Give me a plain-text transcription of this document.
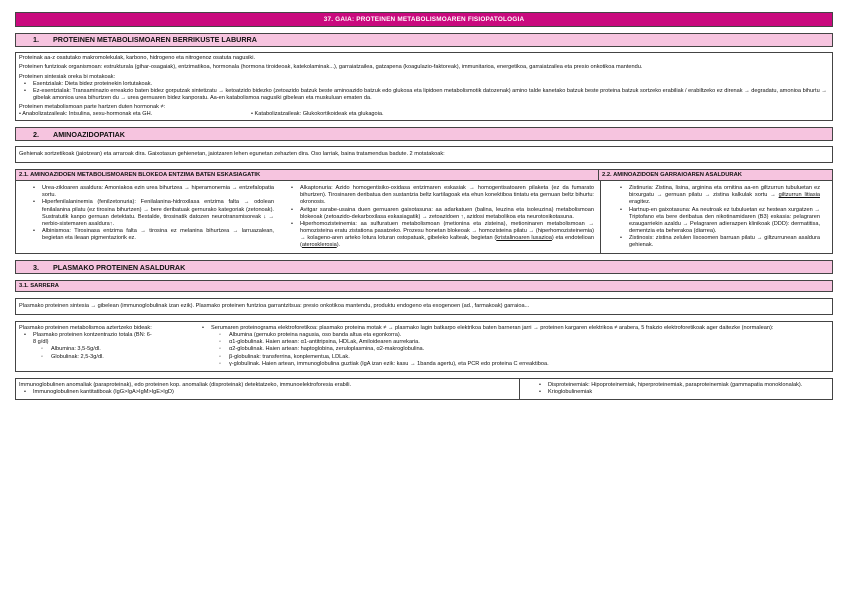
37. GAIA: PROTEINEN METABOLISMOAREN FISIOPATOLOGIA
1.	PROTEINEN METABOLISMOAREN BERRIKUSTE LABURRA

Proteinak aa-z osatutako makromolekulak, karbono, hidrogeno eta nitrogenoz osatuta nagusiki.

Proteinen funtzioak organismoan: estrukturala (gihar-osagaiak), entzimatikoa, hormonala (hormona tiroideoak, katekolaminak...), garraiatzailea, gatzapena (koagulazio-faktoreak), immunitarioa, energetikoa, garraiatzailea eta presio onkotikoa mantendu.

Proteinen sintesiak oreka bi motakoak:

• Esentzialak: Dieta bidez proteinekin lortutakoak.
• Ez-esentzialak: Transaminazio erreakzio baten bidez gorputzak sintetizatu → ketoatzido bidezko (zetoazido batzuk beste aminoazido batzuk edo glukosa eta lipidoen metabolismotik datozenak) amino talde kanetako batzuk beste proteina batzuk sortzeko erabiliak / erabiltzeko ez direnak → degradatu, amonioa bihurtu → gibelak amonioa urea bihurtzen du → urea gernuaren bidez kanporatu. Aa-en katabolismoa nagusiki gibelean eta muskuluan ematen da.

Proteinen metabolismoan parte hartzen duten hormonak ≠:

• Anabolizatzaileak: Intsulina, sexu-hormonak eta GH.	• Katabolizatzaileak: Glukokortikoideak eta glukagoia.
2.	AMINOAZIDOPATIAK
Gehienak sortzetikoak (jaiotzean) eta arraroak dira. Gaixotasun gehienetan, jaiotzaren lehen egunetan zehazten dira. Oso larriak, baina tratamendua badute. 2 motatakoak:
2.1. AMINOAZIDOEN METABOLISMOAREN BLOKEOA ENTZIMA BATEN ESKASIAGATIK	2.2. AMINOAZIDOEN GARRAIOAREN ASALDURAK
• Urea-zikloaren asaldura: Amoniakoa ezin urea bihurtzea → hiperamonemia → entzefalopatia sortu.
• Hiperfenilalaninemia (fenilzetonuria): Fenilalanina-hidroxilasa entzima falta → odolean fenilalanina pilatu (ez tirosina bihurtzen) → bere deribatuak gernurako kategoriak (zetonoak). Sustratutik kanpo gernuan detektatu. Bestalde, tirosinatik datozen neurotransmisoreak ↓ → nerbio-sistemaren asaldura↑.
• Albinismoa: Tirosinasa entzima falta → tirosina ez melanina bihurtzea → larruazalean, begietan eta ileaan pigmentaziorik ez.
• Alkaptonuria: Azido homogentisiko-oxidasa entzimaren eskasiak → homogentisatoaren pilaketa (ez da fumarato bihurtzen). Tirosinaren deribatua den sustantzia beltz kartilagoak eta ehun konektiboa tintatu eta gernuan beltz bihurtu: okronosis.
• Avitgar sarabe-usaina duen gernuaren gaixotasuna: aa adarkatuen (balina, leuzina eta isoleuzina) metabolismoan blokeoak (zetoazido-dekarboxilasa eskasiagatik) → zetoazidoen ↑, azidosi metabolikoa eta neurotoxikotasuna.
• Hiperhomozisteinemia: aa sulfuratuen metabolismoan (metionina eta zisteina), metioninaren metabolismoan → homozisteina eratu zistationa pasatzeko. Prozesu honetan blokeoak → homozisteina pilatu → (hiperhomozisteinemia) → kolageno-aren arteko lotura loturan ostopatuak, gibeleko kalteak, begietan (kristalinoaren luxazioa) eta endotelioan (aterosklerosia).
• Zistinuria: Zistina, lisina, arginina eta ornitina aa-en giltzurrun tubuluetan ez birxurgatu → gernuan pilatu → zistina kalkulak sortu → giltzurrun litiasia eragitez.
• Hartnup-en gaixotasuna: Aa neutroak ez tubuluetan ez hestean xurgatzen → Triptofano eta bere deribatua den nikotinamidaren (B3) eskasia: pelagraren ezaugarriekin azaldu → Pelagraren adierazpen klinikoak (DDD): dermatitisa, dementzia eta beherakoa (diarrea).
• Zistinosis: zistina zelulen lisosomen barruan pilatu → giltzurrunean asaldura gehienak.
3.	PLASMAKO PROTEINEN ASALDURAK
3.1. SARRERA
Plasmako proteinen sintesia → gibelean (immunoglobulinak izan ezik). Plasmako proteinen funtzioa garrantzitsua: presio onkotikoa mantendu, produktu endogeno eta exogenoen (ad., farmakoak) garraioa...

Plasmako proteinen metabolismoa aztertzeko bideak:

• Plasmako proteinen kontzentrazio totala (BN: 6-8 g/dl)
◦ Albumina: 3,5-5g/dl.
◦ Globulinak: 2,5-3g/dl.
• Serumaren proteinograma elektroforetikoa: plasmako proteina motak ≠ → plasmako lagin batkarpo elektrikoa baten barneran jarri → proteinen kargaren elektrikoa ≠ arabera, 5 frakzio elektroforetikoak ager daitezke (normalean):
◦ Albumina (gernuko proteina nagusia, oso banda altua eta egonkorra).
◦ α1-globulinak. Haien artean: α1-antitripsina, HDLak, Amiloidearen aurrekaria.
◦ α2-globulinak. Haien artean: haptoglobina, zeruloplasmina, α2-makroglobulina.
◦ β-globulinak: transferrina, konplementua, LDLak.
◦ γ-globulinak. Haien artean, immunoglobulina guztiak (IgA izan ezik: kasu → 1banda agertu), eta PCR edo proteina C erreaktiboa.

Immunoglobulinen anomaliak (paraproteinak), edo proteinen kop. anomaliak (disproteinak) detektatzeko, immunoelektroforesia erabili.

• Immunoglobulinen kantitatiboak (IgG>IgA>IgM>IgE>IgD)
• Disproteinemiak: Hipoproteinemiak, hiperproteinemiak, paraproteinemiak (gammapatia monoklonalak).
• Krioglobulinemiak
